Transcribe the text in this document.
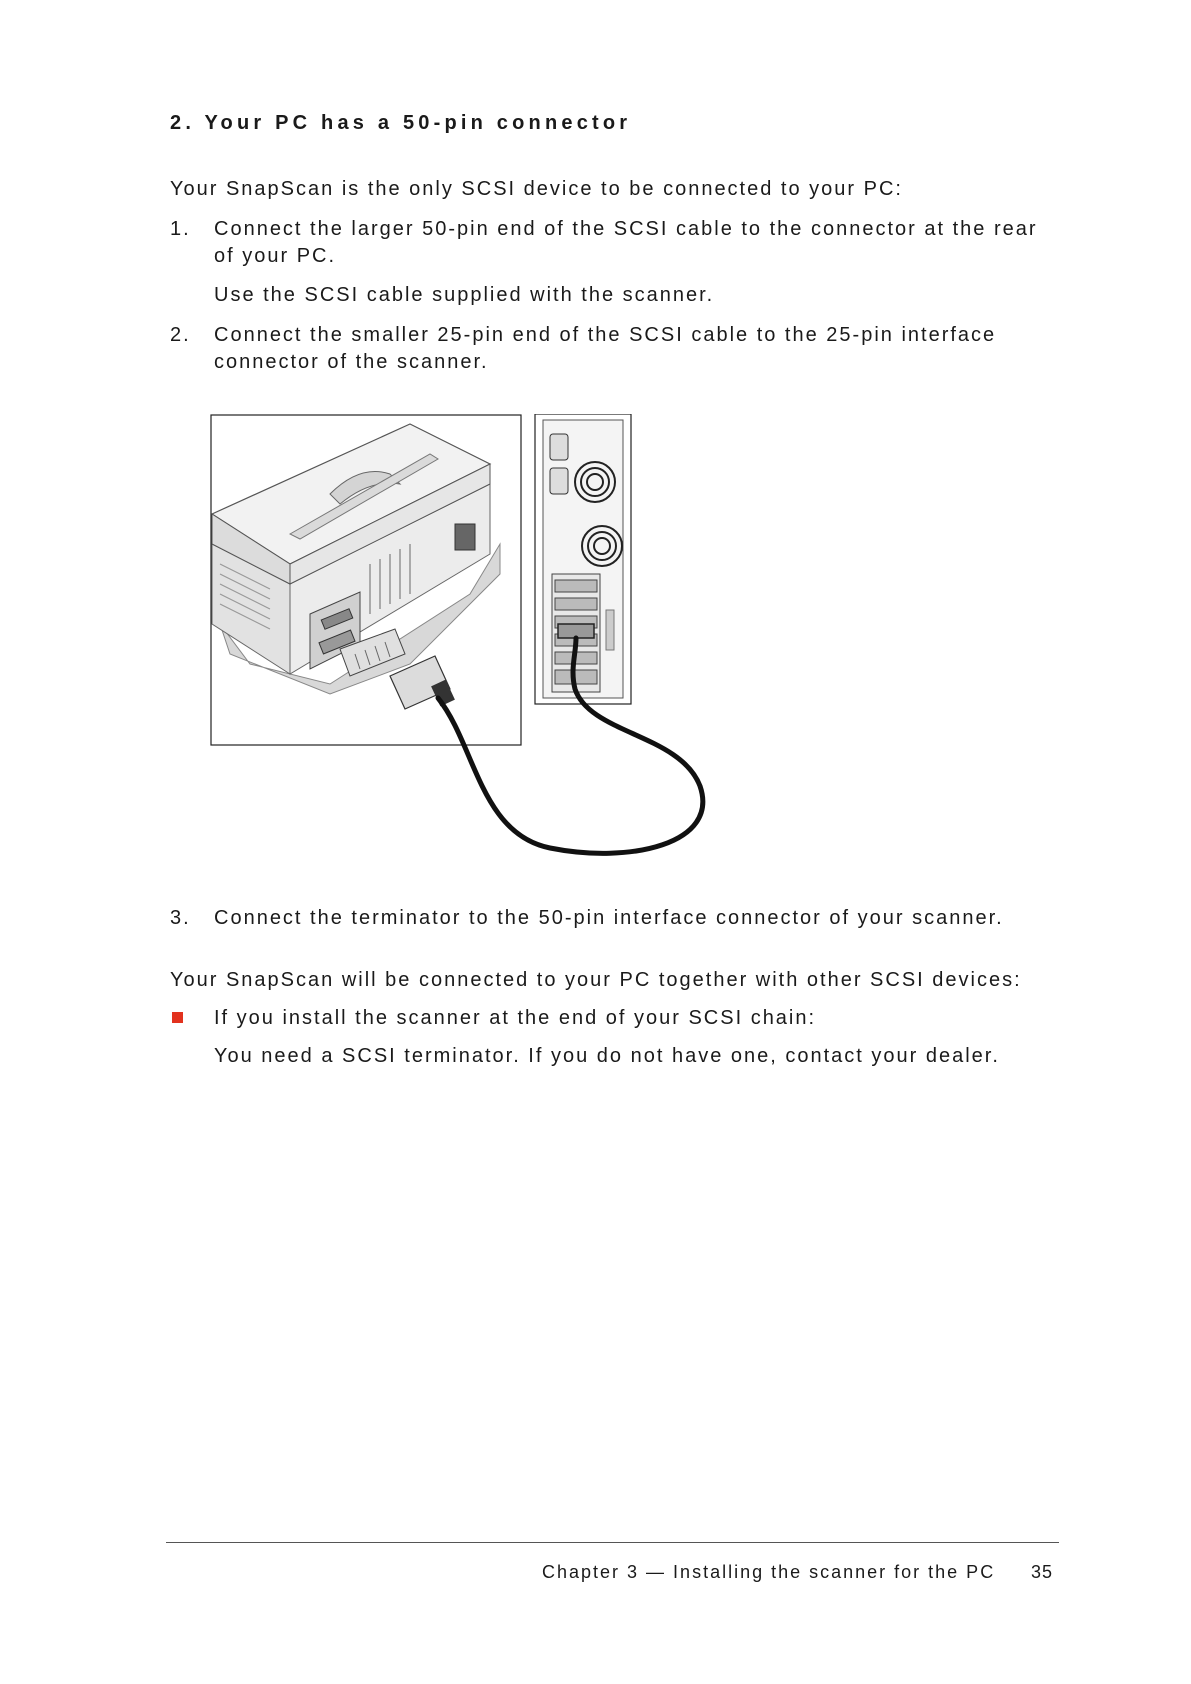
2. Your PC has a 50-pin connector

Your SnapScan is the only SCSI device to be connected to your PC:

1. Connect the larger 50-pin end of the SCSI cable to the connector at the rear
of your PC.
Use the SCSI cable supplied with the scanner.
2. Connect the smaller 25-pin end of the SCSI cable to the 25-pin interface
connector of the scanner.
3. Connect the terminator to the 50-pin interface connector of your scanner.

Your SnapScan will be connected to your PC together with other SCSI devices:

If you install the scanner at the end of your SCSI chain:
You need a SCSI terminator. If you do not have one, contact your dealer.
Chapter 3 — Installing the scanner for the PC 35
